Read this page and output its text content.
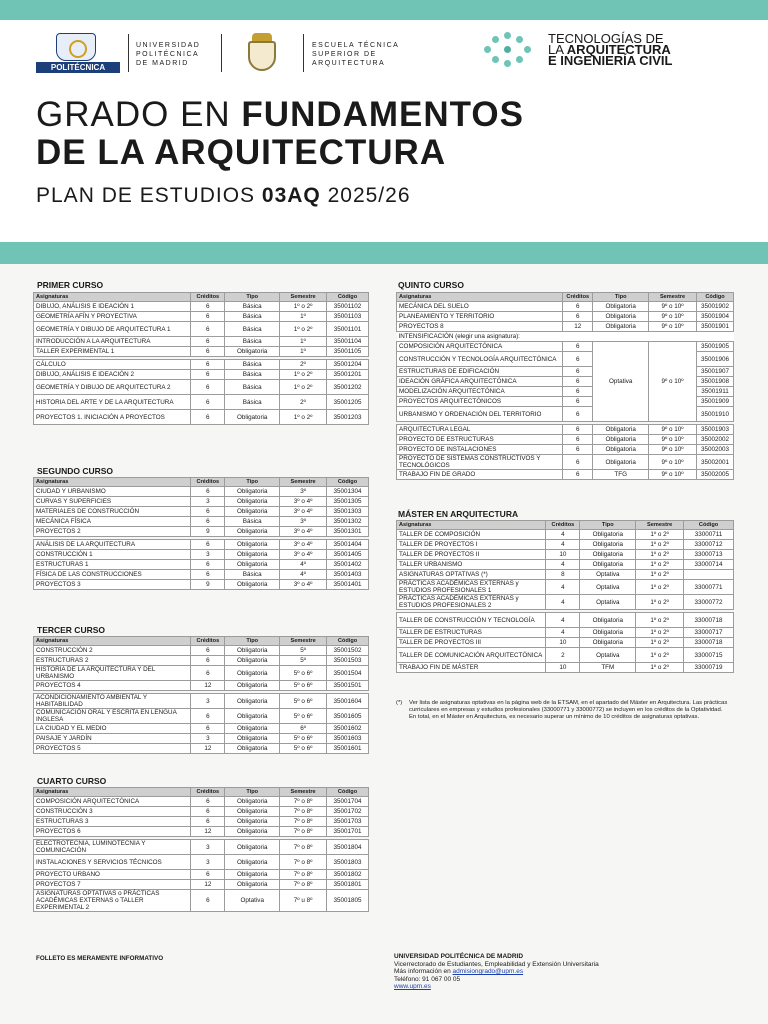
POLITÉCNICA
UNIVERSIDAD
POLITÉCNICA
DE MADRID
ESCUELA TÉCNICA
SUPERIOR DE
ARQUITECTURA
TECNOLOGÍAS DE
LA ARQUITECTURA
E INGENIERÍA CIVIL
GRADO EN FUNDAMENTOS
DE LA ARQUITECTURA
PLAN DE ESTUDIOS 03AQ 2025/26
PRIMER CURSO
Asignaturas	Créditos	Tipo	Semestre	Código
DIBUJO, ANÁLISIS E IDEACIÓN 1	6	Básica	1º o 2º	35001102
GEOMETRÍA AFÍN Y PROYECTIVA	6	Básica	1º	35001103
GEOMETRÍA Y DIBUJO DE ARQUITECTURA 1	6	Básica	1º o 2º	35001101
INTRODUCCIÓN A LA ARQUITECTURA	6	Básica	1º	35001104
TALLER EXPERIMENTAL 1	6	Obligatoria	1º	35001105

CÁLCULO	6	Básica	2º	35001204
DIBUJO, ANÁLISIS E IDEACIÓN 2	6	Básica	1º o 2º	35001201
GEOMETRÍA Y DIBUJO DE ARQUITECTURA 2	6	Básica	1º o 2º	35001202
HISTORIA DEL ARTE Y DE LA ARQUITECTURA	6	Básica	2º	35001205
PROYECTOS 1. INICIACIÓN A PROYECTOS	6	Obligatoria	1º o 2º	35001203
SEGUNDO CURSO
Asignaturas	Créditos	Tipo	Semestre	Código
CIUDAD Y URBANISMO	6	Obligatoria	3º	35001304
CURVAS Y SUPERFICIES	3	Obligatoria	3º o 4º	35001305
MATERIALES DE CONSTRUCCIÓN	6	Obligatoria	3º o 4º	35001303
MECÁNICA FÍSICA	6	Básica	3º	35001302
PROYECTOS 2	9	Obligatoria	3º o 4º	35001301

ANÁLISIS DE LA ARQUITECTURA	6	Obligatoria	3º o 4º	35001404
CONSTRUCCIÓN 1	3	Obligatoria	3º o 4º	35001405
ESTRUCTURAS 1	6	Obligatoria	4º	35001402
FÍSICA DE LAS CONSTRUCCIONES	6	Básica	4º	35001403
PROYECTOS 3	9	Obligatoria	3º o 4º	35001401
TERCER CURSO
Asignaturas	Créditos	Tipo	Semestre	Código
CONSTRUCCIÓN 2	6	Obligatoria	5º	35001502
ESTRUCTURAS 2	6	Obligatoria	5º	35001503
HISTORIA DE LA ARQUITECTURA Y DEL URBANISMO	6	Obligatoria	5º o 6º	35001504
PROYECTOS 4	12	Obligatoria	5º o 6º	35001501

ACONDICIONAMIENTO AMBIENTAL Y HABITABILIDAD	3	Obligatoria	5º o 6º	35001604
COMUNICACIÓN ORAL Y ESCRITA EN LENGUA INGLESA	6	Obligatoria	5º o 6º	35001605
LA CIUDAD Y EL MEDIO	6	Obligatoria	6º	35001602
PAISAJE Y JARDÍN	3	Obligatoria	5º o 6º	35001603
PROYECTOS 5	12	Obligatoria	5º o 6º	35001601
CUARTO CURSO
Asignaturas	Créditos	Tipo	Semestre	Código
COMPOSICIÓN ARQUITECTÓNICA	6	Obligatoria	7º o 8º	35001704
CONSTRUCCIÓN 3	6	Obligatoria	7º o 8º	35001702
ESTRUCTURAS 3	6	Obligatoria	7º o 8º	35001703
PROYECTOS 6	12	Obligatoria	7º o 8º	35001701

ELECTROTECNIA, LUMINOTECNIA Y COMUNICACIÓN	3	Obligatoria	7º o 8º	35001804
INSTALACIONES Y SERVICIOS TÉCNICOS	3	Obligatoria	7º o 8º	35001803
PROYECTO URBANO	6	Obligatoria	7º o 8º	35001802
PROYECTOS 7	12	Obligatoria	7º o 8º	35001801
ASIGNATURAS OPTATIVAS o PRÁCTICAS ACADÉMICAS EXTERNAS o TALLER EXPERIMENTAL 2	6	Optativa	7º u 8º	35001805
QUINTO CURSO
Asignaturas	Créditos	Tipo	Semestre	Código
MECÁNICA DEL SUELO	6	Obligatoria	9º o 10º	35001902
PLANEAMIENTO Y TERRITORIO	6	Obligatoria	9º o 10º	35001904
PROYECTOS 8	12	Obligatoria	9º o 10º	35001901
INTENSIFICACIÓN (elegir una asignatura):				
COMPOSICIÓN ARQUITECTÓNICA	6	Optativa	9º o 10º	35001905
CONSTRUCCIÓN Y TECNOLOGÍA ARQUITECTÓNICA	6			35001906
ESTRUCTURAS DE EDIFICACIÓN	6			35001907
IDEACIÓN GRÁFICA ARQUITECTÓNICA	6			35001908
MODELIZACIÓN ARQUITECTÓNICA	6			35001911
PROYECTOS ARQUITECTÓNICOS	6			35001909
URBANISMO Y ORDENACIÓN DEL TERRITORIO	6			35001910

ARQUITECTURA LEGAL	6	Obligatoria	9º o 10º	35001903
PROYECTO DE ESTRUCTURAS	6	Obligatoria	9º o 10º	35002002
PROYECTO DE INSTALACIONES	6	Obligatoria	9º o 10º	35002003
PROYECTO DE SISTEMAS CONSTRUCTIVOS Y TECNOLÓGICOS	6	Obligatoria	9º o 10º	35002001
TRABAJO FIN DE GRADO	6	TFG	9º o 10º	35002005
MÁSTER EN ARQUITECTURA
Asignaturas	Créditos	Tipo	Semestre	Código
TALLER DE COMPOSICIÓN	4	Obligatoria	1º o 2º	33000711
TALLER DE PROYECTOS I	4	Obligatoria	1º o 2º	33000712
TALLER DE PROYECTOS II	10	Obligatoria	1º o 2º	33000713
TALLER URBANISMO	4	Obligatoria	1º o 2º	33000714
ASIGNATURAS OPTATIVAS (*)	8	Optativa	1º o 2º	
PRÁCTICAS ACADÉMICAS EXTERNAS y ESTUDIOS PROFESIONALES 1	4	Optativa	1º o 2º	33000771
PRÁCTICAS ACADÉMICAS EXTERNAS y ESTUDIOS PROFESIONALES 2	4	Optativa	1º o 2º	33000772

TALLER DE CONSTRUCCIÓN Y TECNOLOGÍA	4	Obligatoria	1º o 2º	33000718
TALLER DE ESTRUCTURAS	4	Obligatoria	1º o 2º	33000717
TALLER DE PROYECTOS III	10	Obligatoria	1º o 2º	33000718
TALLER DE COMUNICACIÓN ARQUITECTÓNICA	2	Optativa	1º o 2º	33000715
TRABAJO FIN DE MÁSTER	10	TFM	1º o 2º	33000719
(*) Ver lista de asignaturas optativas en la página web de la ETSAM, en el apartado del Máster en Arquitectura. Las prácticas curriculares en empresas y estudios profesionales (33000771 y 33000772) se incluyen en los créditos de la Optatividad.
En total, en el Máster en Arquitectura, es necesario superar un mínimo de 10 créditos de asignaturas optativas.
FOLLETO ES MERAMENTE INFORMATIVO	UNIVERSIDAD POLITÉCNICA DE MADRID
Vicerrectorado de Estudiantes, Empleabilidad y Extensión Universitaria
Más información en admisiongrado@upm.es
Teléfono: 91 067 00 05
www.upm.es
